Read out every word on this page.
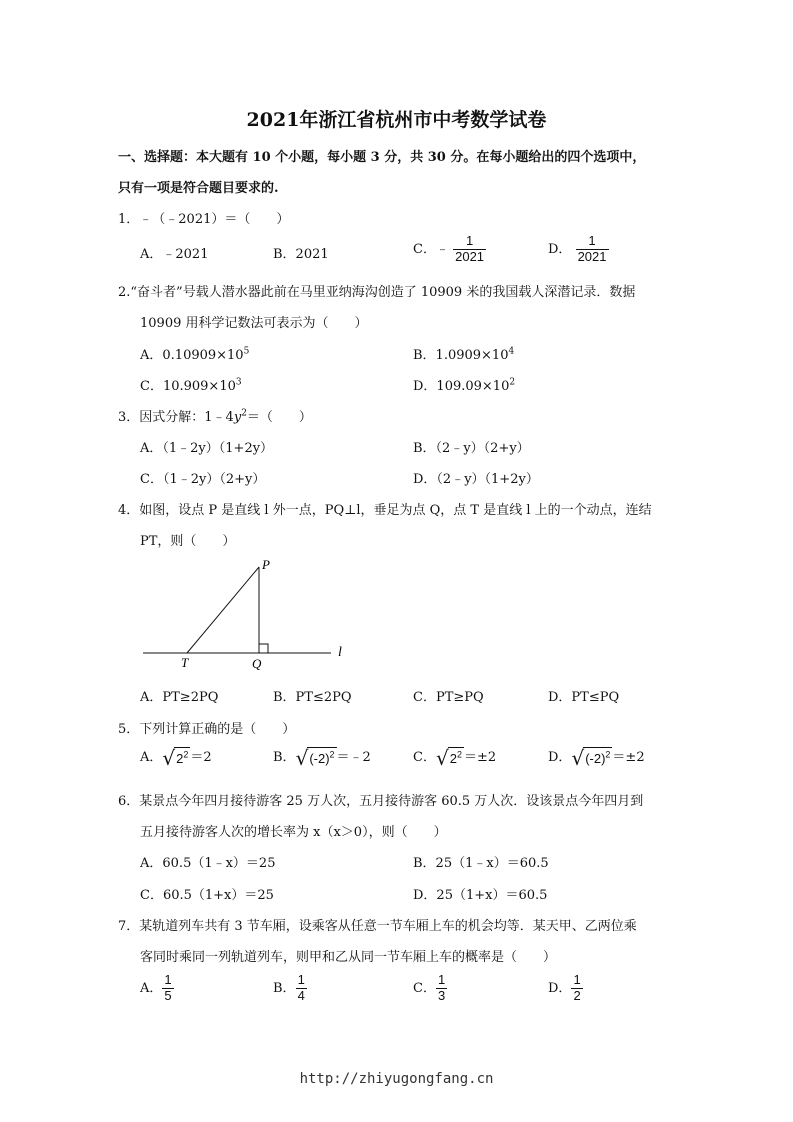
2021年浙江省杭州市中考数学试卷
一、选择题：本大题有 10 个小题，每小题 3 分，共 30 分。在每小题给出的四个选项中，
只有一项是符合题目要求的.
1．﹣（﹣2021）＝（　　）
A．﹣2021	B．2021	C．﹣ $\frac{1}{2021}$	D． $\frac{1}{2021}$
2.“奋斗者”号载人潜水器此前在马里亚纳海沟创造了 10909 米的我国载人深潜记录．数据
10909 用科学记数法可表示为（　　）
A．$0.10909\times 10^5$	B．$1.0909\times 10^4$
C．$10.909\times 10^3$	D．$109.09\times 10^2$
3．因式分解：$1﹣4y^2=$（　　）
A．（1﹣2y）（1+2y）	B．（2﹣y）（2+y）
C．（1﹣2y）（2+y）	D．（2﹣y）（1+2y）
4．如图，设点 P 是直线 l 外一点，PQ⊥l，垂足为点 Q，点 T 是直线 l 上的一个动点，连结
PT，则（　　）
P
Q
T
l
A．PT≥2PQ	B．PT≤2PQ	C．PT≥PQ	D．PT≤PQ
5．下列计算正确的是（　　）
A． √ $2^2 =2$	B． √ $(-2)^2$ ＝﹣2	C． √ $2^2 =\pm 2$	D． √ $(-2)^2 =\pm 2$
6．某景点今年四月接待游客 25 万人次，五月接待游客 60.5 万人次．设该景点今年四月到
五月接待游客人次的增长率为 x（x＞0），则（　　）
A．60.5（1﹣x）＝25	B．25（1﹣x）＝60.5
C．60.5（1+x）＝25	D．25（1+x）＝60.5
7．某轨道列车共有 3 节车厢，设乘客从任意一节车厢上车的机会均等．某天甲、乙两位乘
客同时乘同一列轨道列车，则甲和乙从同一节车厢上车的概率是（　　）
A． $\frac{1}{5}$	B． $\frac{1}{4}$	C． $\frac{1}{3}$	D． $\frac{1}{2}$
http://zhiyugongfang.cn
